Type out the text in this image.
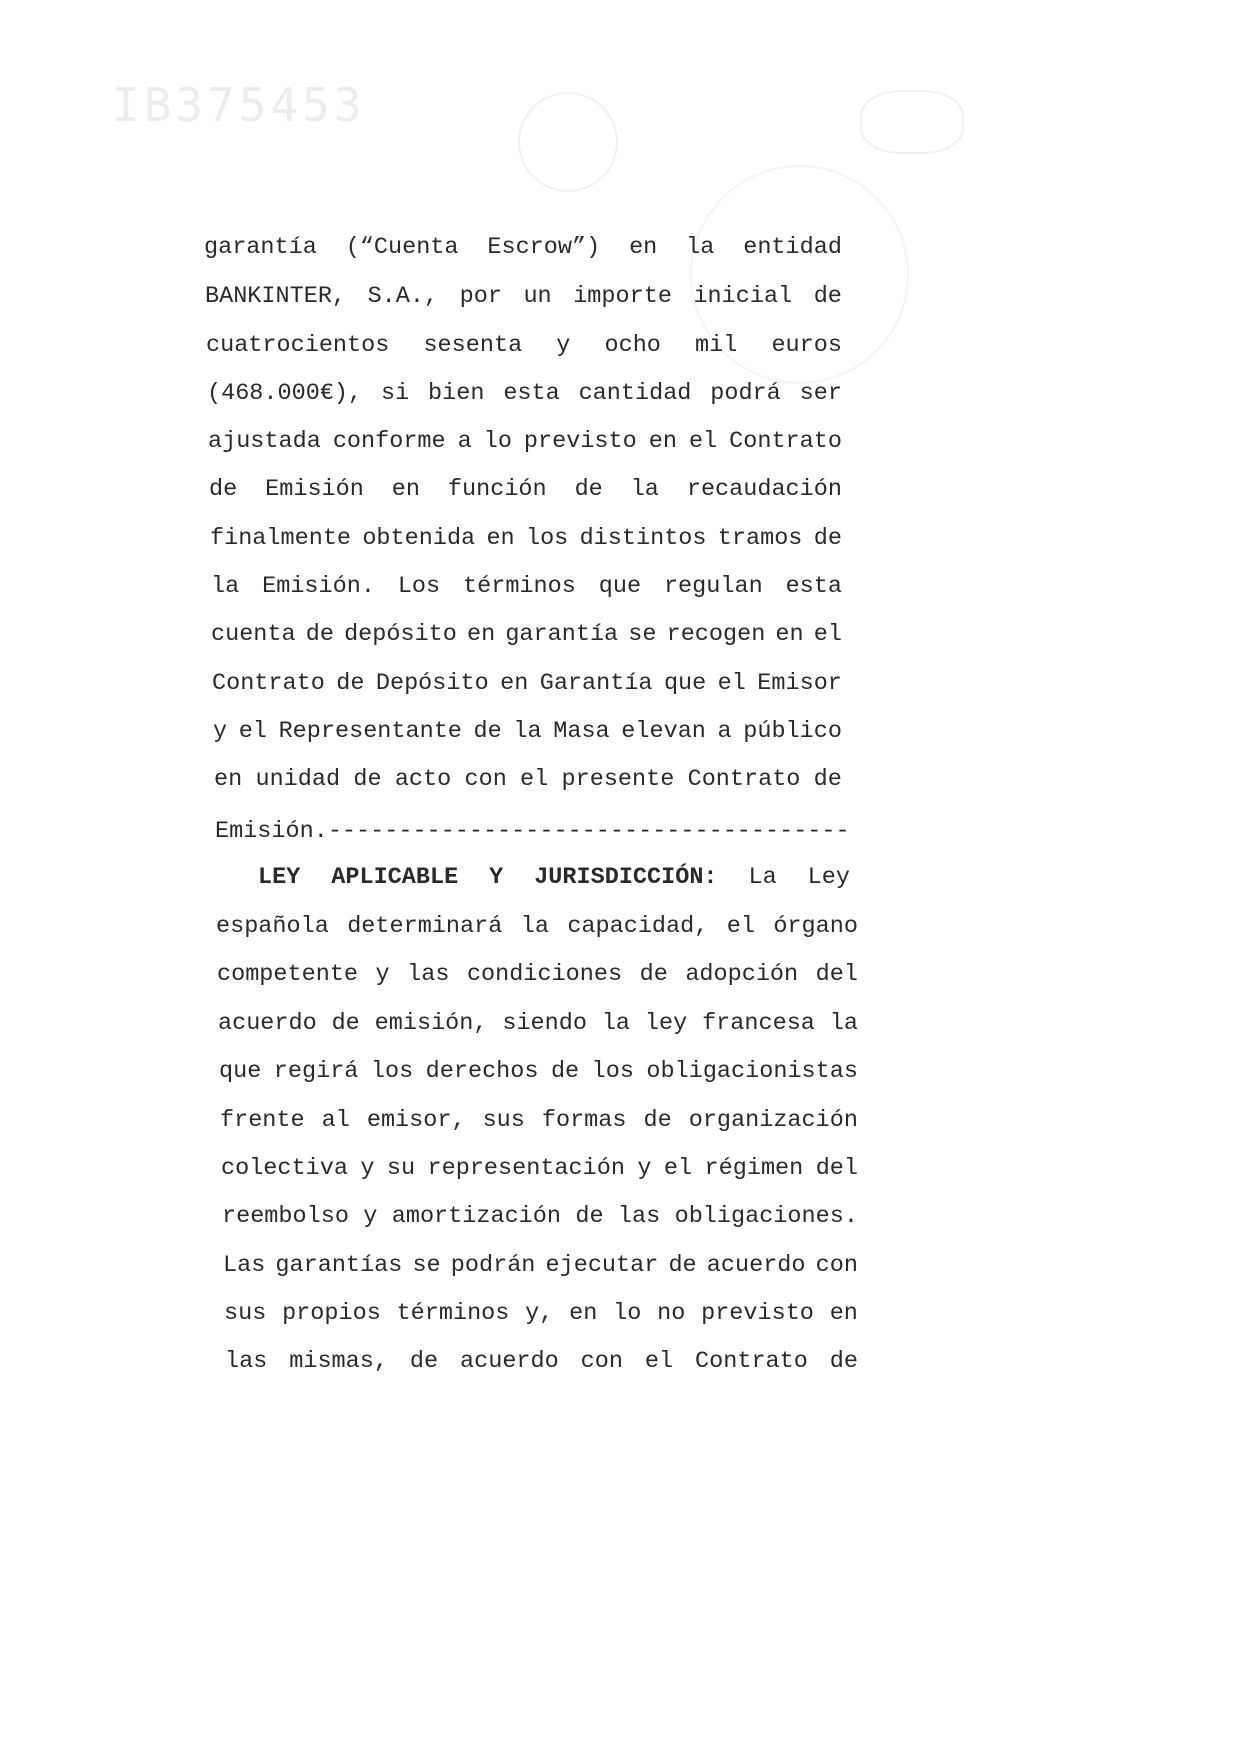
IB375453
garantía (“Cuenta Escrow”) en la entidad
BANKINTER, S.A., por un importe inicial de
cuatrocientos sesenta y ocho mil euros
(468.000€), si bien esta cantidad podrá ser
ajustada conforme a lo previsto en el Contrato
de Emisión en función de la recaudación
finalmente obtenida en los distintos tramos de
la Emisión. Los términos que regulan esta
cuenta de depósito en garantía se recogen en el
Contrato de Depósito en Garantía que el Emisor
y el Representante de la Masa elevan a público
en unidad de acto con el presente Contrato de
Emisión.-------------------------------------
LEY APLICABLE Y JURISDICCIÓN: La Ley
española determinará la capacidad, el órgano
competente y las condiciones de adopción del
acuerdo de emisión, siendo la ley francesa la
que regirá los derechos de los obligacionistas
frente al emisor, sus formas de organización
colectiva y su representación y el régimen del
reembolso y amortización de las obligaciones.
Las garantías se podrán ejecutar de acuerdo con
sus propios términos y, en lo no previsto en
las mismas, de acuerdo con el Contrato de
